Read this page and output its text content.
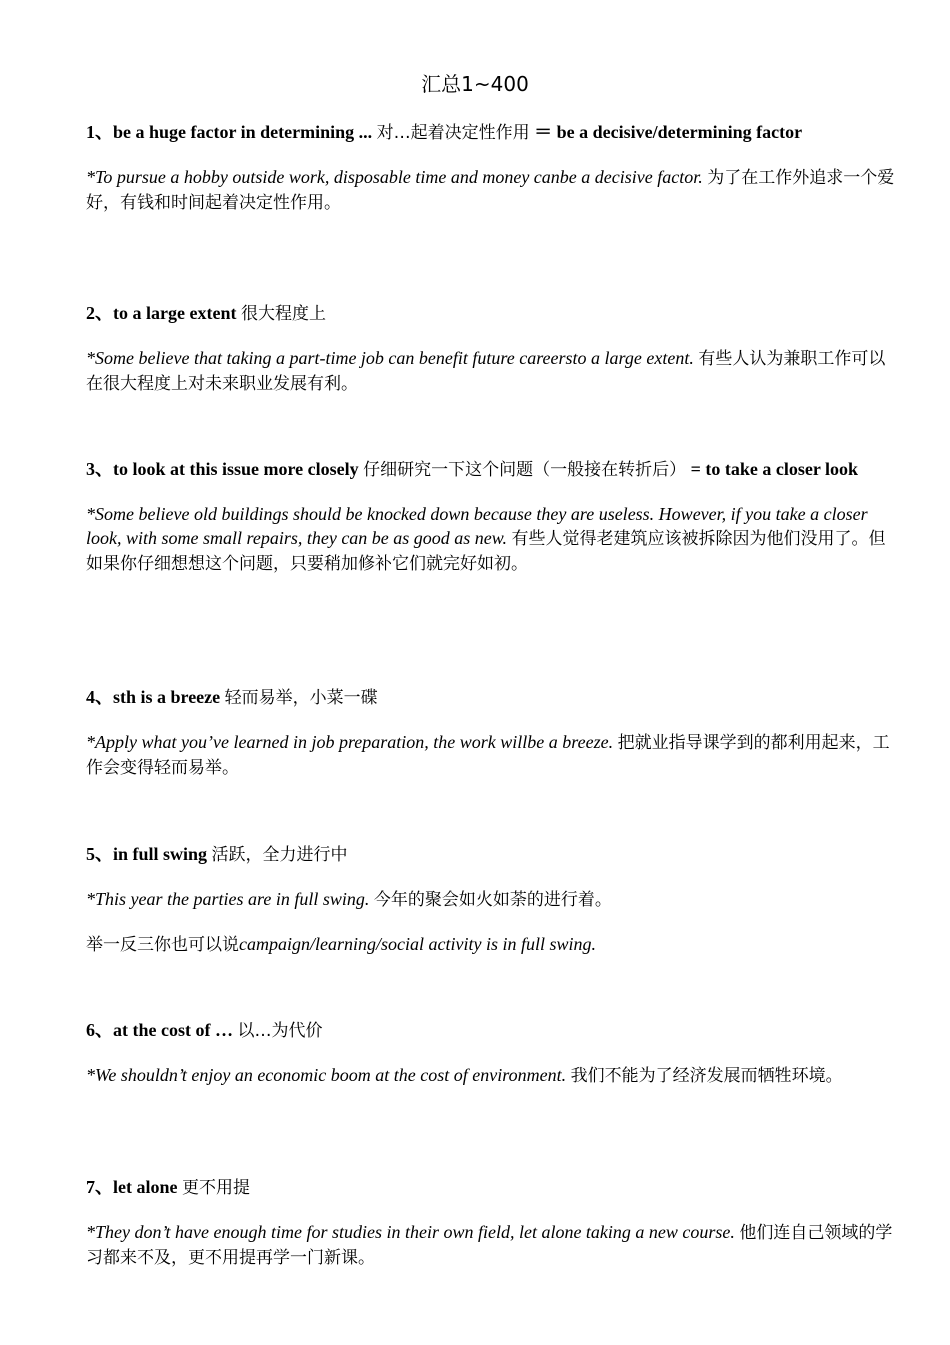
汇总1~400

1、be a huge factor in determining ... 对…起着决定性作用 ＝ be a decisive/determining factor

*To pursue a hobby outside work, disposable time and money canbe a decisive factor. 为了在工作外追求一个爱好，有钱和时间起着决定性作用。

2、to a large extent 很大程度上

*Some believe that taking a part-time job can benefit future careersto a large extent. 有些人认为兼职工作可以在很大程度上对未来职业发展有利。

3、to look at this issue more closely 仔细研究一下这个问题（一般接在转折后） = to take a closer look

*Some believe old buildings should be knocked down because they are useless. However, if you take a closer look, with some small repairs, they can be as good as new. 有些人觉得老建筑应该被拆除因为他们没用了。但如果你仔细想想这个问题，只要稍加修补它们就完好如初。

4、sth is a breeze 轻而易举，小菜一碟

*Apply what you’ve learned in job preparation, the work willbe a breeze. 把就业指导课学到的都利用起来，工作会变得轻而易举。

5、in full swing 活跃，全力进行中

*This year the parties are in full swing. 今年的聚会如火如荼的进行着。

举一反三你也可以说campaign/learning/social activity is in full swing.

6、at the cost of … 以…为代价

*We shouldn’t enjoy an economic boom at the cost of environment. 我们不能为了经济发展而牺牲环境。

7、let alone 更不用提

*They don’t have enough time for studies in their own field, let alone taking a new course. 他们连自己领域的学习都来不及，更不用提再学一门新课。
